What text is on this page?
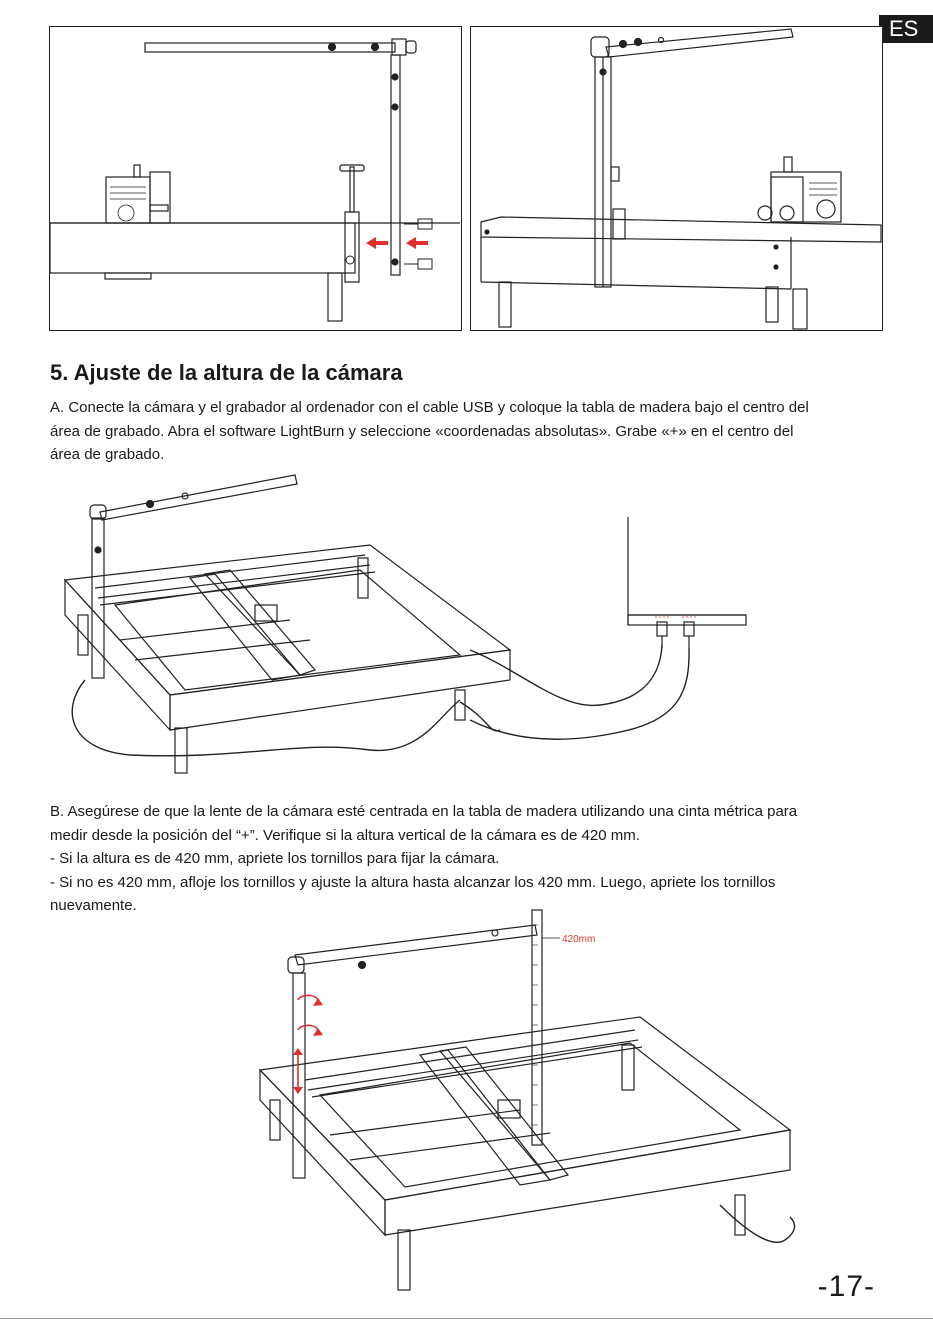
ES
5. Ajuste de la altura de la cámara
A. Conecte la cámara y el grabador al ordenador con el cable USB y coloque la tabla de madera bajo el centro del
área de grabado. Abra el software LightBurn y seleccione «coordenadas absolutas». Grabe «+» en el centro del
área de grabado.
B. Asegúrese de que la lente de la cámara esté centrada en la tabla de madera utilizando una cinta métrica para
medir desde la posición del “+”. Verifique si la altura vertical de la cámara es de 420 mm.
- Si la altura es de 420 mm, apriete los tornillos para fijar la cámara.
- Si no es 420 mm, afloje los tornillos y ajuste la altura hasta alcanzar los 420 mm. Luego, apriete los tornillos
nuevamente.
420mm
-17-
